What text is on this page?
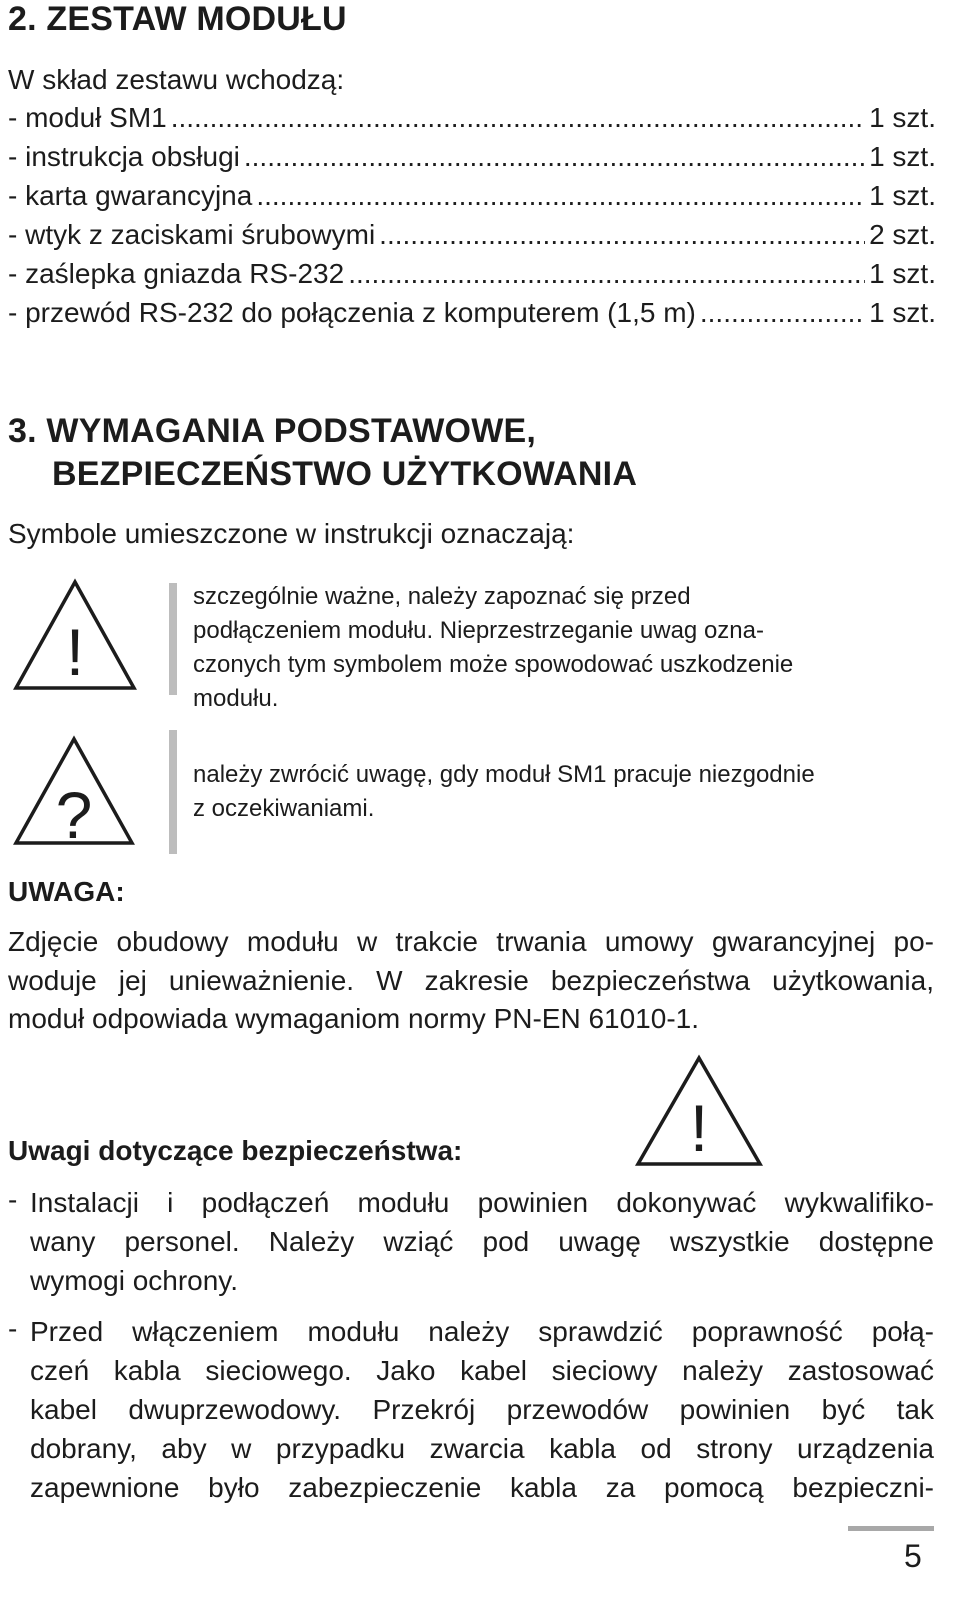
2. ZESTAW MODUŁU
W skład zestawu wchodzą:
- moduł SM1 .....	1 szt.
- instrukcja obsługi .....	1 szt.
- karta gwarancyjna .....	1 szt.
- wtyk z zaciskami śrubowymi .....	2 szt.
- zaślepka gniazda RS-232 .....	1 szt.
- przewód RS-232 do połączenia z komputerem (1,5 m) .....	1 szt.
3. WYMAGANIA PODSTAWOWE,
BEZPIECZEŃSTWO UŻYTKOWANIA
Symbole umieszczone w instrukcji oznaczają:
!
szczególnie ważne, należy zapoznać się przed
podłączeniem modułu. Nieprzestrzeganie uwag ozna-
czonych tym symbolem może spowodować uszkodzenie
modułu.
?
należy zwrócić uwagę, gdy moduł SM1 pracuje niezgodnie
z oczekiwaniami.
UWAGA:
Zdjęcie obudowy modułu w trakcie trwania umowy gwarancyjnej po-
woduje jej unieważnienie. W zakresie bezpieczeństwa użytkowania,
moduł odpowiada wymaganiom normy PN-EN 61010-1.
Uwagi dotyczące bezpieczeństwa:	!
- Instalacji i podłączeń modułu powinien dokonywać wykwalifiko-
wany personel. Należy wziąć pod uwagę wszystkie dostępne
wymogi ochrony.
- Przed włączeniem modułu należy sprawdzić poprawność połą-
czeń kabla sieciowego. Jako kabel sieciowy należy zastosować
kabel dwuprzewodowy. Przekrój przewodów powinien być tak
dobrany, aby w przypadku zwarcia kabla od strony urządzenia
zapewnione było zabezpieczenie kabla za pomocą bezpieczni-
5
